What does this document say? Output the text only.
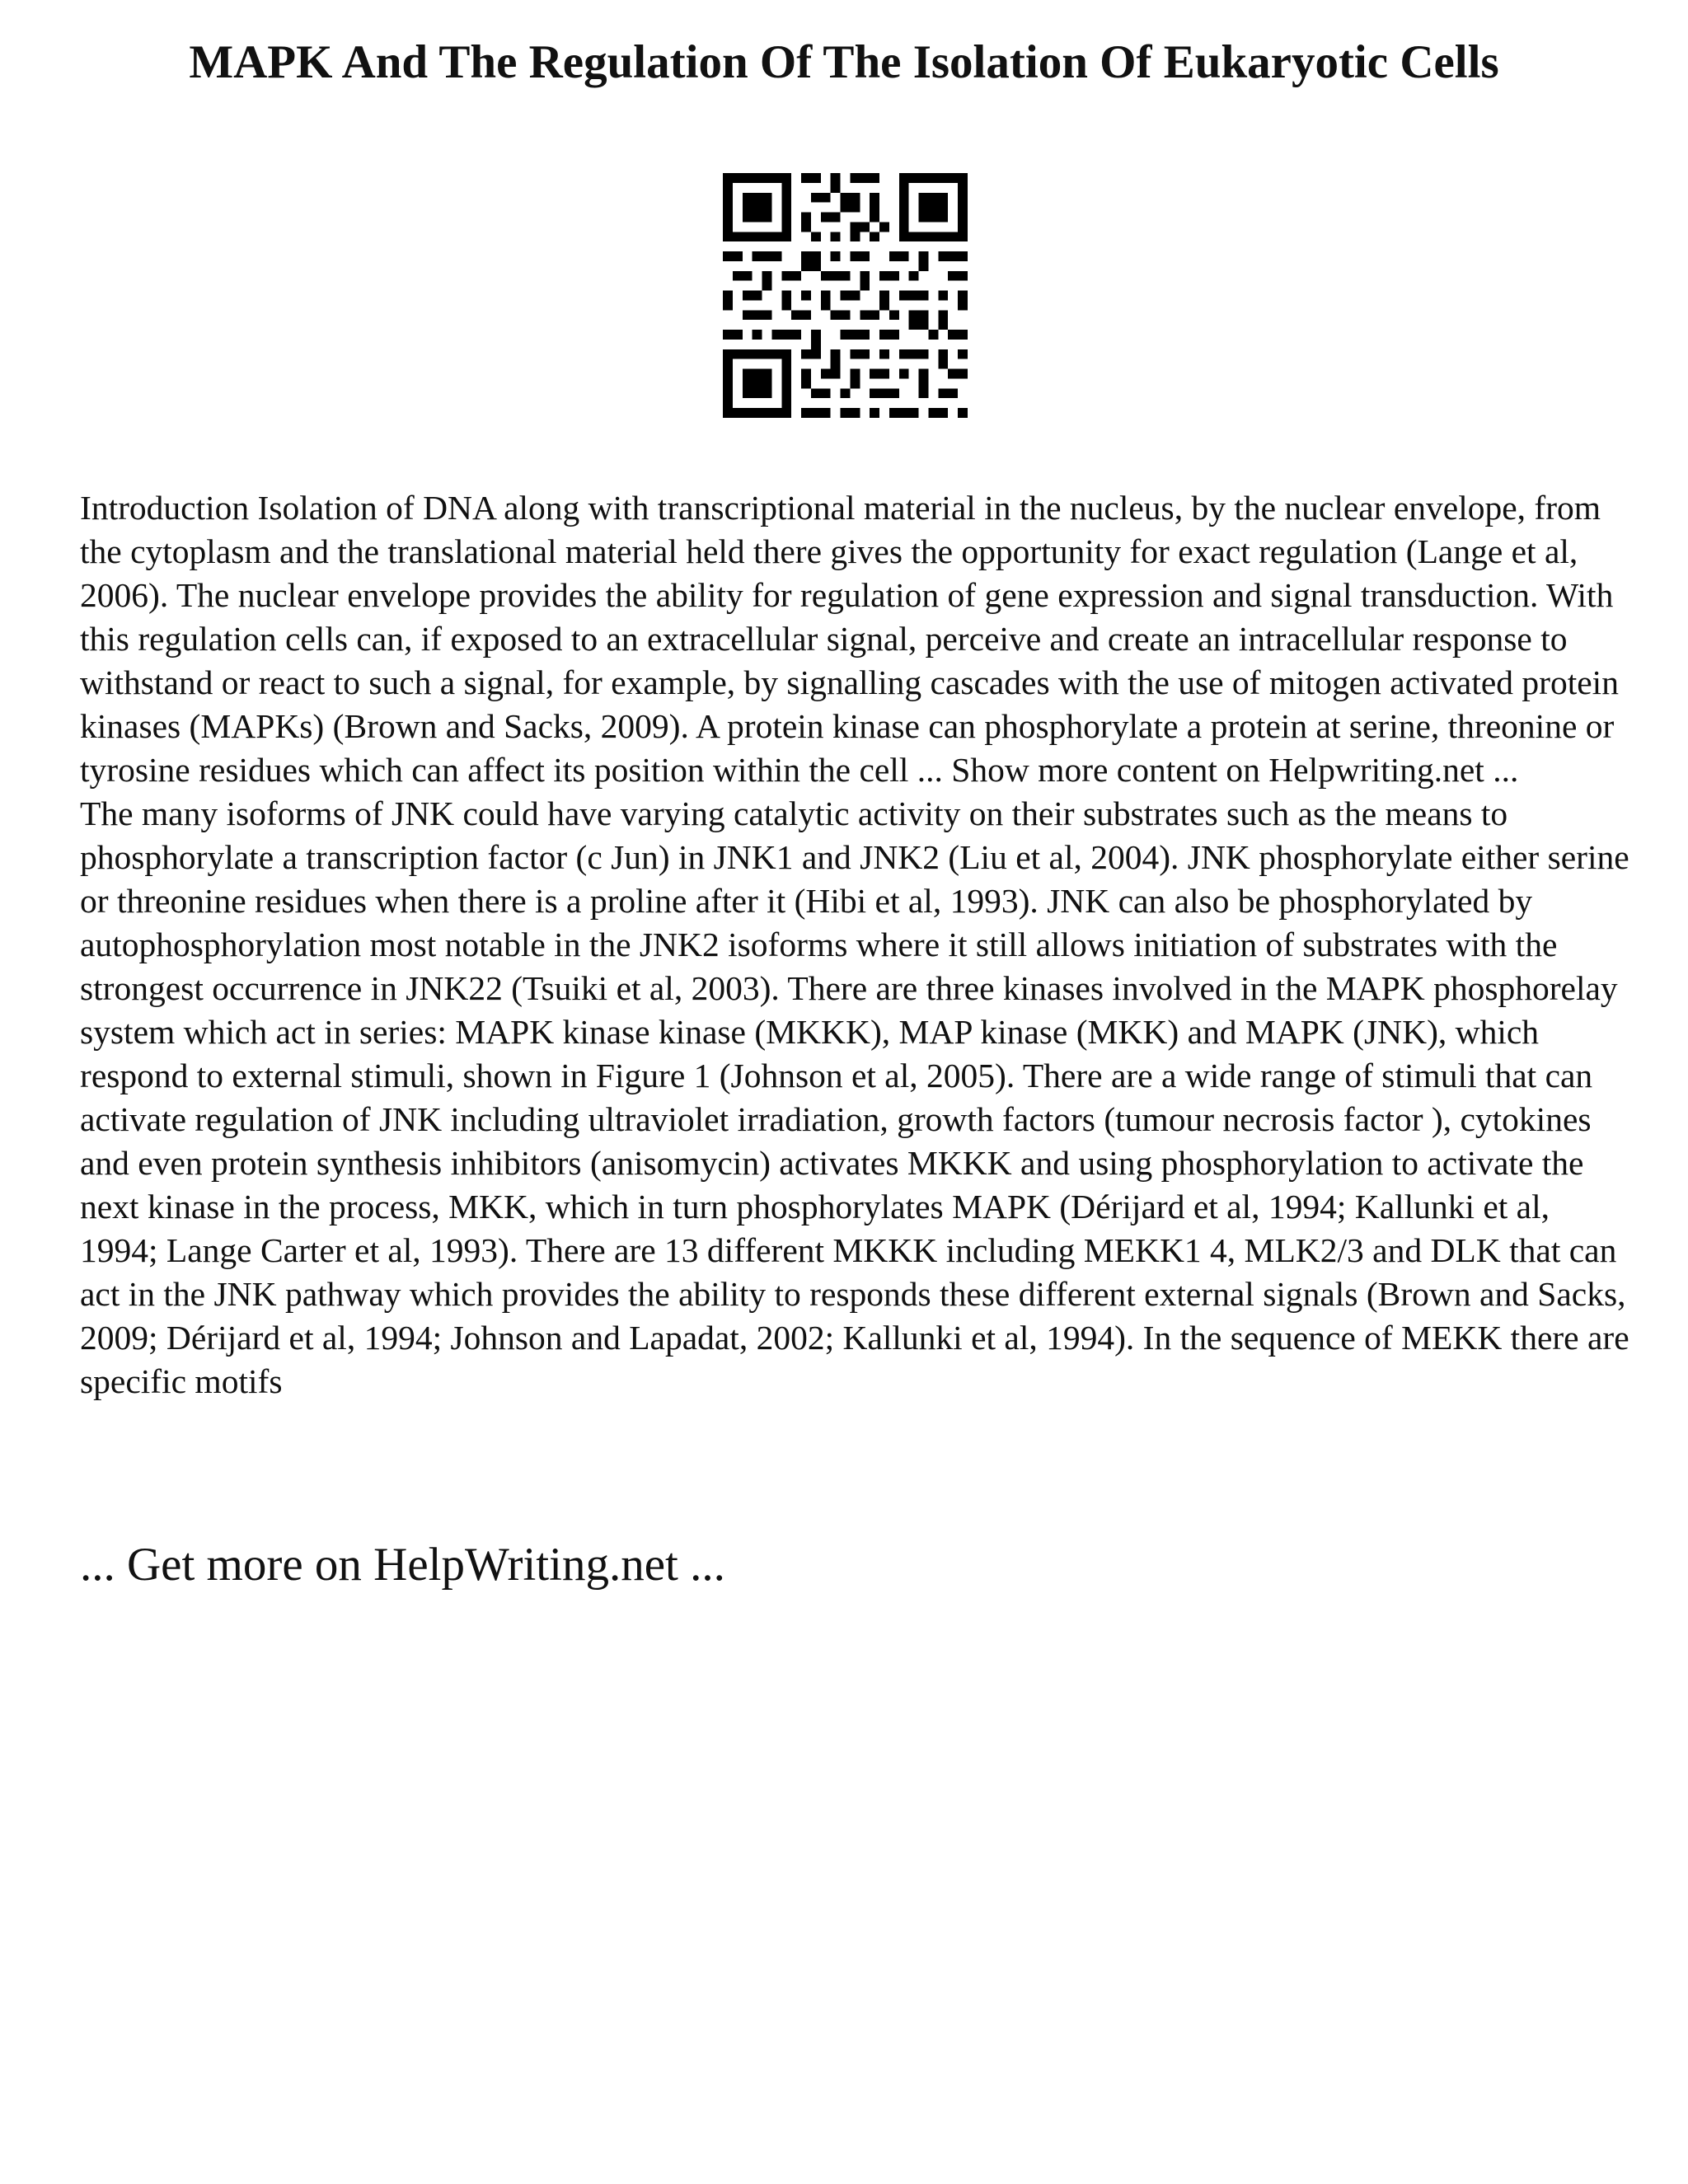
MAPK And The Regulation Of The Isolation Of Eukaryotic Cells

Introduction Isolation of DNA along with transcriptional material in the nucleus, by the nuclear envelope, from the cytoplasm and the translational material held there gives the opportunity for exact regulation (Lange et al, 2006). The nuclear envelope provides the ability for regulation of gene expression and signal transduction. With this regulation cells can, if exposed to an extracellular signal, perceive and create an intracellular response to withstand or react to such a signal, for example, by signalling cascades with the use of mitogen activated protein kinases (MAPKs) (Brown and Sacks, 2009). A protein kinase can phosphorylate a protein at serine, threonine or tyrosine residues which can affect its position within the cell ... Show more content on Helpwriting.net ...

The many isoforms of JNK could have varying catalytic activity on their substrates such as the means to phosphorylate a transcription factor (c Jun) in JNK1 and JNK2 (Liu et al, 2004). JNK phosphorylate either serine or threonine residues when there is a proline after it (Hibi et al, 1993). JNK can also be phosphorylated by autophosphorylation most notable in the JNK2 isoforms where it still allows initiation of substrates with the strongest occurrence in JNK22 (Tsuiki et al, 2003). There are three kinases involved in the MAPK phosphorelay system which act in series: MAPK kinase kinase (MKKK), MAP kinase (MKK) and MAPK (JNK), which respond to external stimuli, shown in Figure 1 (Johnson et al, 2005). There are a wide range of stimuli that can activate regulation of JNK including ultraviolet irradiation, growth factors (tumour necrosis factor ), cytokines and even protein synthesis inhibitors (anisomycin) activates MKKK and using phosphorylation to activate the next kinase in the process, MKK, which in turn phosphorylates MAPK (Dérijard et al, 1994; Kallunki et al, 1994; Lange Carter et al, 1993). There are 13 different MKKK including MEKK1 4, MLK2/3 and DLK that can act in the JNK pathway which provides the ability to responds these different external signals (Brown and Sacks, 2009; Dérijard et al, 1994; Johnson and Lapadat, 2002; Kallunki et al, 1994). In the sequence of MEKK there are specific motifs

... Get more on HelpWriting.net ...
